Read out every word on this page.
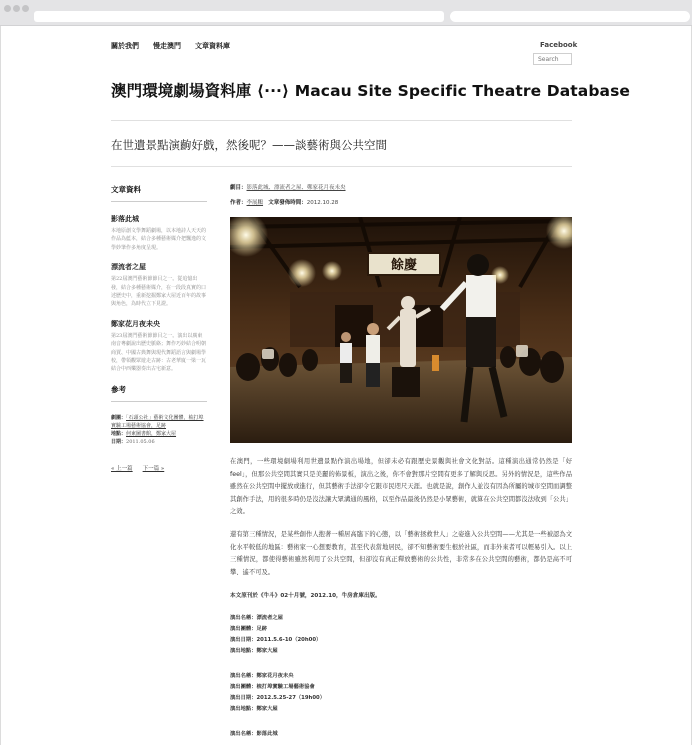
關於我們 慢走澳門 文章資料庫	Facebook
Search
澳門環境劇場資料庫 ⟨···⟩ Macau Site Specific Theatre Database
在世遺景點演齣好戲，然後呢？——談藝術與公共空間
文章資料
影落此城
本地原創文學舞蹈劇場，以本地詩人天天的作品為藍本，結合多種藝術媒介把飄逸的文學妙筆作多角度呈現。
漂流者之屋
第22屆澳門藝術節節目之一。從追憶出發，結合多種藝術媒介，在一段段真實的口述歷史中，重新挖掘鄭家大屋近百年的故事與角色，為時代立下見證。
鄭家花月夜未央
第23屆澳門藝術節節目之一。演出以廣東南音粵劇說出歷史脈絡；舞作巧妙結合明朝商賈、中國古典舞與現代舞蹈語言與劇場學校，帶領觀眾遊走古跡：古老華廈一梁一瓦結合中西樂器奏出古宅新意。
參考
劇團：「石頭公社」藝術文化團體，梳打埠實驗工場藝術協會，足跡
地點：何東圖書館，鄭家大屋
日期：2011.05.06
« 上一篇 下一篇 »
劇目：影落此城、漂流者之屋、鄭家花月夜未央
作者：李展鵬 文章發佈時間：2012.10.28
餘慶

在澳門，一些環境劇場利用世遺景點作演出場地，但卻未必有跟歷史景觀與社會文化對話。這種演出通常仍然是「好feel」，但那公共空間其實只是美麗的佈景板，演出之後，你不會對那片空間有更多了解與反思。另外的情況是，這些作品雖然在公共空間中擺放或進行，但其藝術手法卻令它跟市民咫尺天涯。也就是說，創作人並沒有因為所屬的城市空間而調整其創作手法，用的很多時仍是沒法讓大眾溝通的風格，以至作品最後仍然是小眾藝術，就算在公共空間都沒法收到「公共」之效。

還有第三種情況，是某些創作人抱著一種居高臨下的心態，以「藝術拯救世人」之姿進入公共空間——尤其是一些被認為文化水平較低的地區：藝術家一心想要教育，甚至代表當地居民，卻不知藝術要生根於社區，而非外來者可以輕易引入。以上三種情況，都使得藝術雖然利用了公共空間，但卻沒有真正釋放藝術的公共性，非常多在公共空間的藝術，都仍是高不可攀、遙不可及。

本文原刊於《牛斗》02十月號，2012.10，牛房倉庫出版。
演出名稱：漂流者之屋
演出團體：足跡
演出日期：2011.5.6-10（20h00）
演出地點：鄭家大屋
演出名稱：鄭家花月夜未央
演出團體：梳打埠實驗工場藝術協會
演出日期：2012.5.25-27（19h00）
演出地點：鄭家大屋
演出名稱：影落此城
